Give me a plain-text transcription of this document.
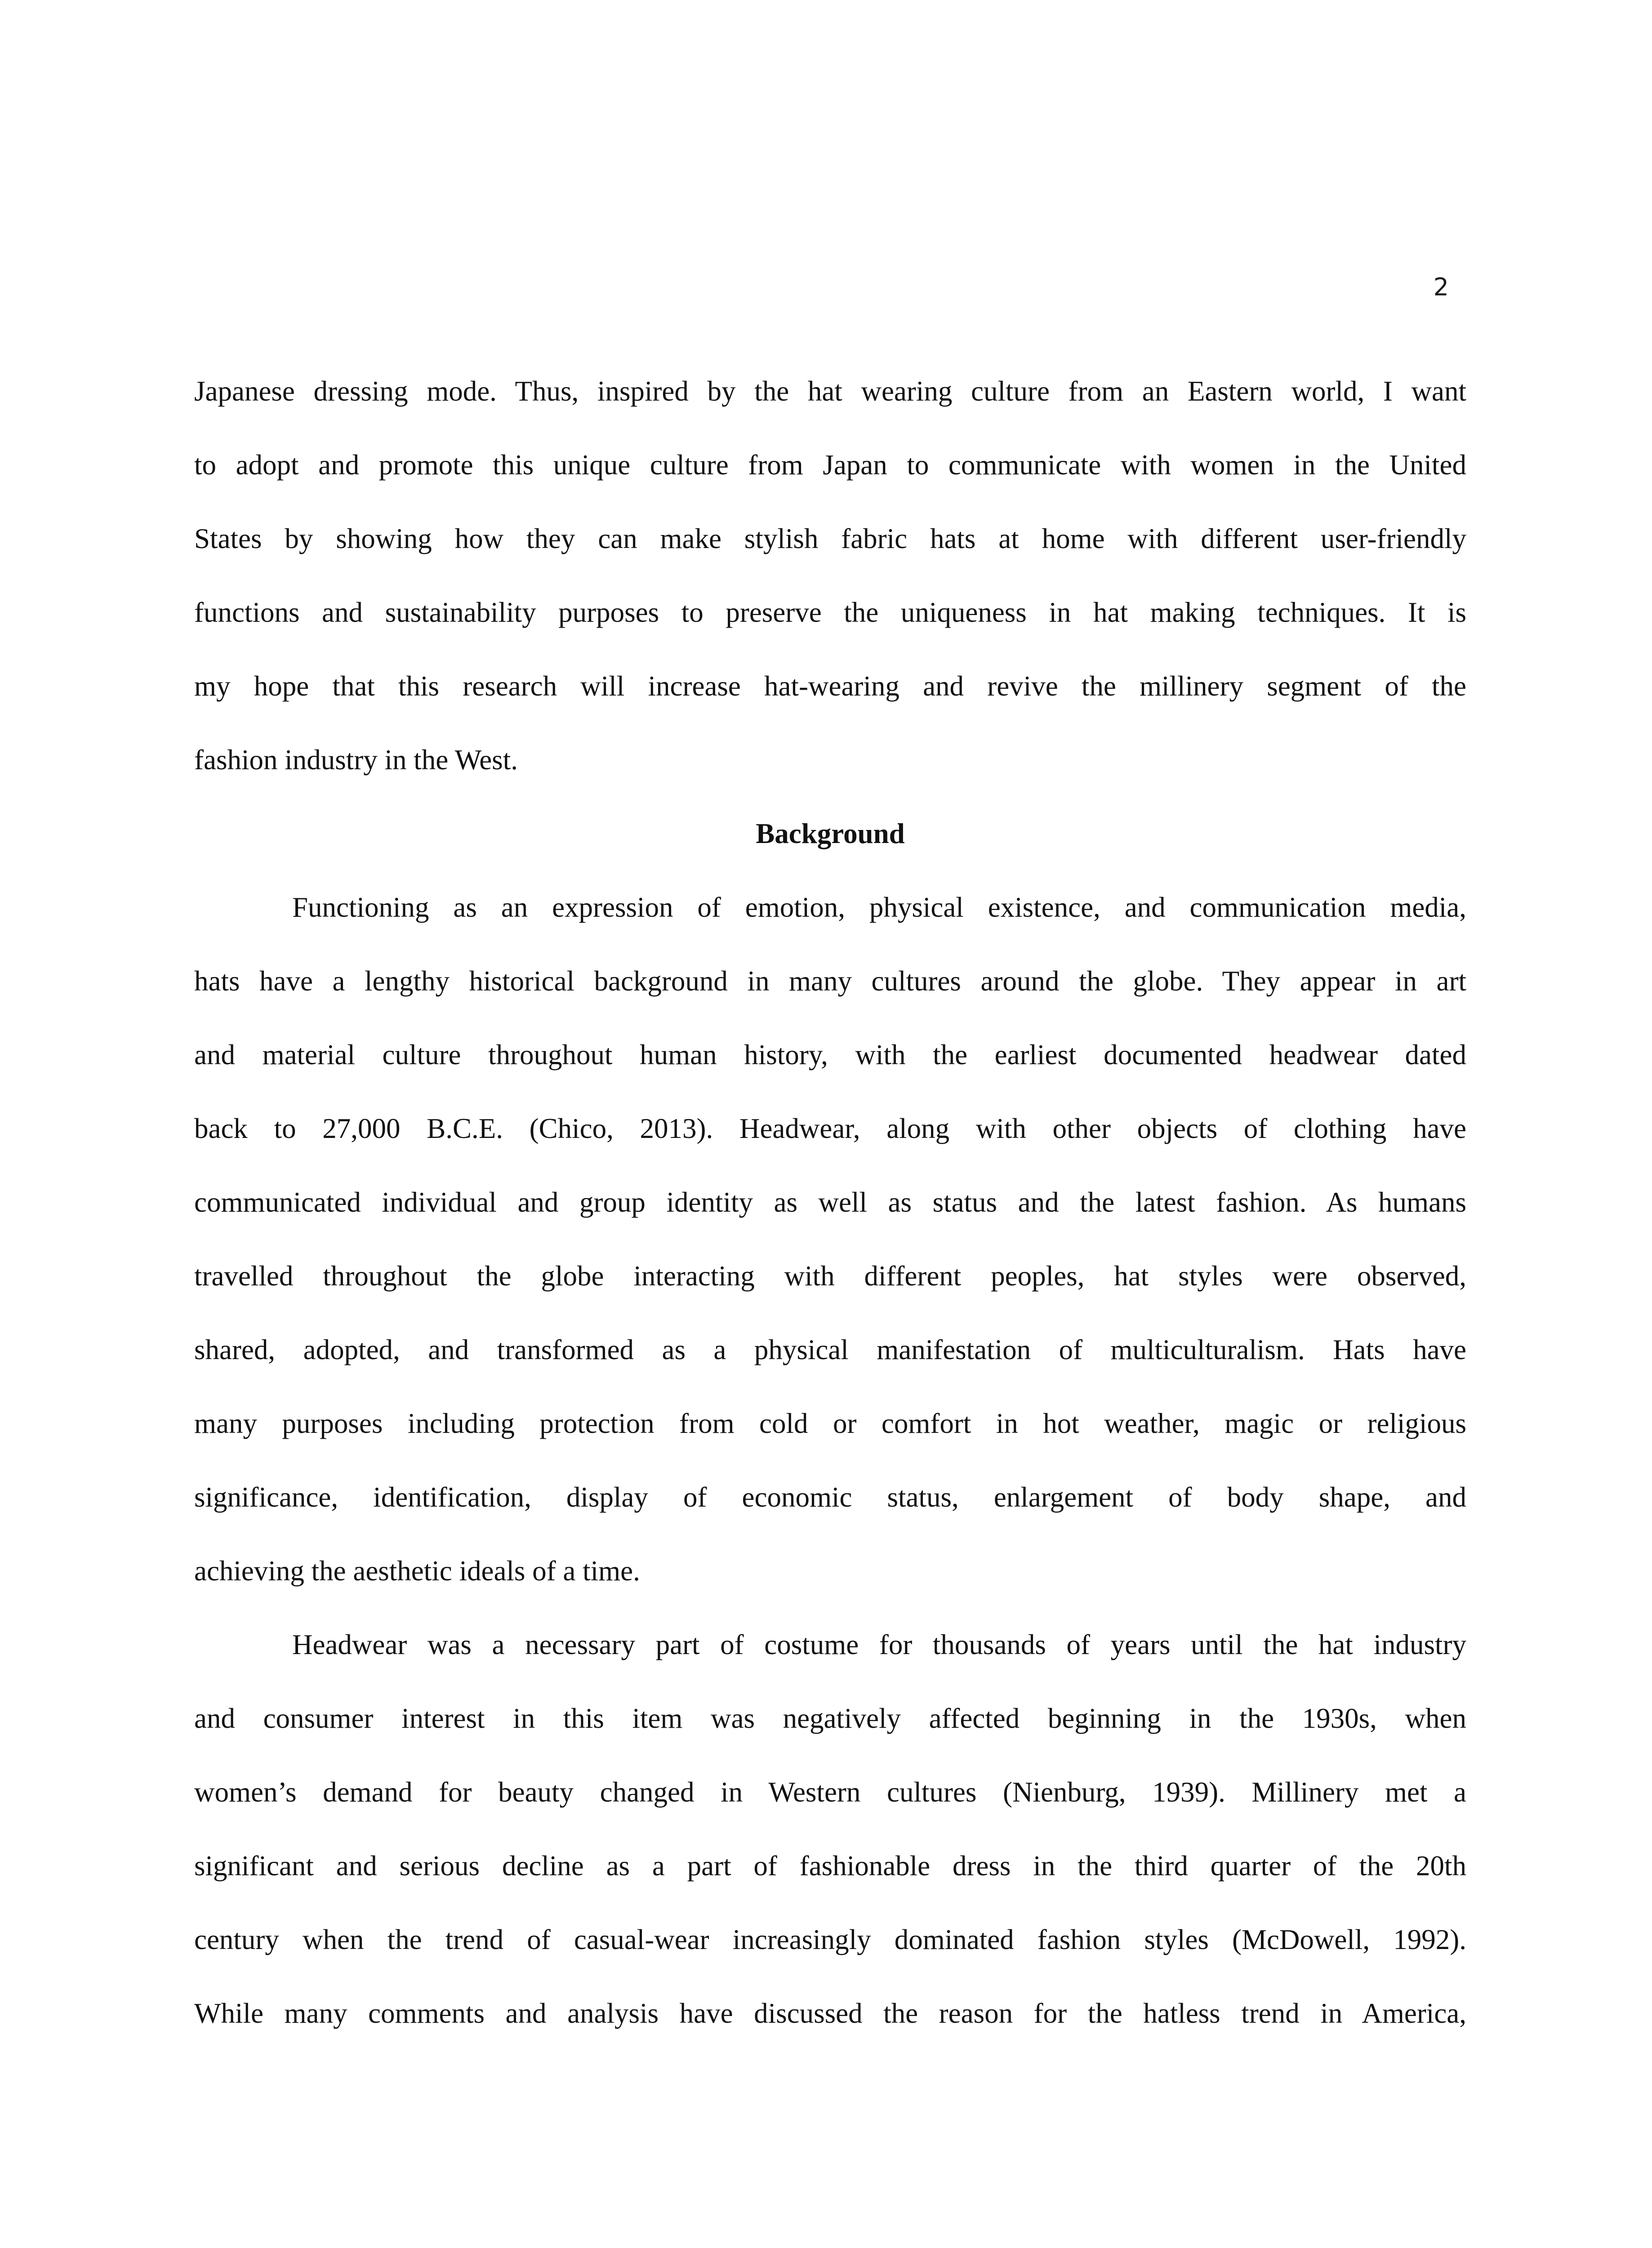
2
Japanese dressing mode. Thus, inspired by the hat wearing culture from an Eastern world, I want
to adopt and promote this unique culture from Japan to communicate with women in the United
States by showing how they can make stylish fabric hats at home with different user-friendly
functions and sustainability purposes to preserve the uniqueness in hat making techniques. It is
my hope that this research will increase hat-wearing and revive the millinery segment of the
fashion industry in the West.
Background
Functioning as an expression of emotion, physical existence, and communication media,
hats have a lengthy historical background in many cultures around the globe. They appear in art
and material culture throughout human history, with the earliest documented headwear dated
back to 27,000 B.C.E. (Chico, 2013). Headwear, along with other objects of clothing have
communicated individual and group identity as well as status and the latest fashion. As humans
travelled throughout the globe interacting with different peoples, hat styles were observed,
shared, adopted, and transformed as a physical manifestation of multiculturalism. Hats have
many purposes including protection from cold or comfort in hot weather, magic or religious
significance, identification, display of economic status, enlargement of body shape, and
achieving the aesthetic ideals of a time.
Headwear was a necessary part of costume for thousands of years until the hat industry
and consumer interest in this item was negatively affected beginning in the 1930s, when
women’s demand for beauty changed in Western cultures (Nienburg, 1939). Millinery met a
significant and serious decline as a part of fashionable dress in the third quarter of the 20th
century when the trend of casual-wear increasingly dominated fashion styles (McDowell, 1992).
While many comments and analysis have discussed the reason for the hatless trend in America,
